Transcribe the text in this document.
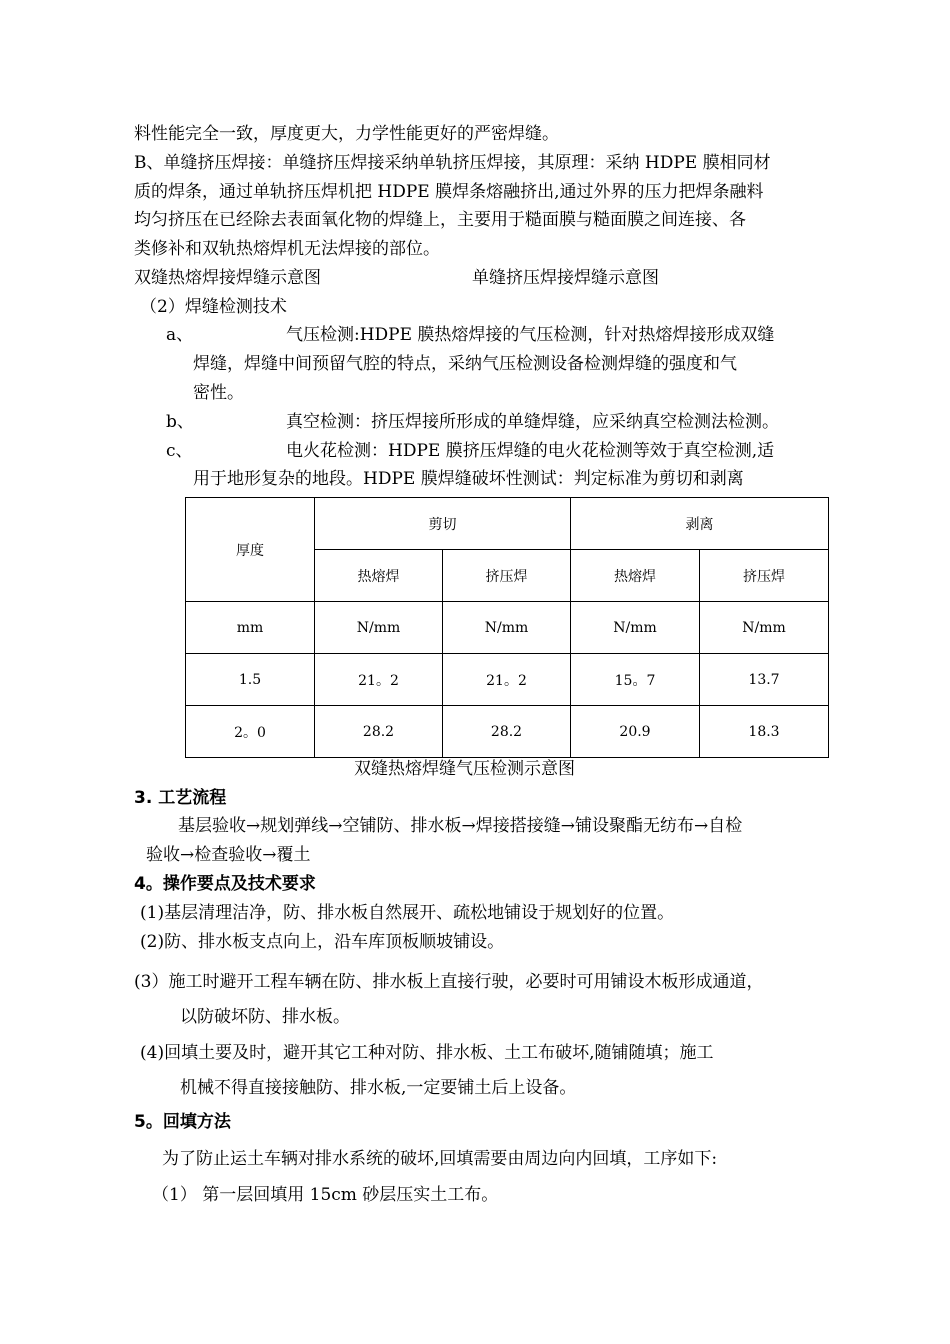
料性能完全一致，厚度更大，力学性能更好的严密焊缝。
B、单缝挤压焊接：单缝挤压焊接采纳单轨挤压焊接，其原理：采纳 HDPE 膜相同材
质的焊条，通过单轨挤压焊机把 HDPE 膜焊条熔融挤出,通过外界的压力把焊条融料
均匀挤压在已经除去表面氧化物的焊缝上，主要用于糙面膜与糙面膜之间连接、各
类修补和双轨热熔焊机无法焊接的部位。
双缝热熔焊接焊缝示意图	单缝挤压焊接焊缝示意图
（2）焊缝检测技术
a、	气压检测:HDPE 膜热熔焊接的气压检测，针对热熔焊接形成双缝
焊缝，焊缝中间预留气腔的特点，采纳气压检测设备检测焊缝的强度和气
密性。
b、	真空检测：挤压焊接所形成的单缝焊缝，应采纳真空检测法检测。
c、	电火花检测：HDPE 膜挤压焊缝的电火花检测等效于真空检测,适
用于地形复杂的地段。HDPE 膜焊缝破坏性测试：判定标准为剪切和剥离
厚度	剪切		剥离	
	热熔焊	挤压焊	热熔焊	挤压焊
mm	N/mm	N/mm	N/mm	N/mm
1.5	21。2	21。2	15。7	13.7
2。0	28.2	28.2	20.9	18.3
双缝热熔焊缝气压检测示意图
3. 工艺流程
基层验收→规划弹线→空铺防、排水板→焊接搭接缝→铺设聚酯无纺布→自检
验收→检查验收→覆土
4。操作要点及技术要求
(1)基层清理洁净，防、排水板自然展开、疏松地铺设于规划好的位置。
(2)防、排水板支点向上，沿车库顶板顺坡铺设。
(3）施工时避开工程车辆在防、排水板上直接行驶，必要时可用铺设木板形成通道，
以防破坏防、排水板。
(4)回填土要及时，避开其它工种对防、排水板、土工布破坏,随铺随填；施工
机械不得直接接触防、排水板,一定要铺土后上设备。
5。回填方法
为了防止运土车辆对排水系统的破坏,回填需要由周边向内回填，工序如下:
（1） 第一层回填用 15cm 砂层压实土工布。
